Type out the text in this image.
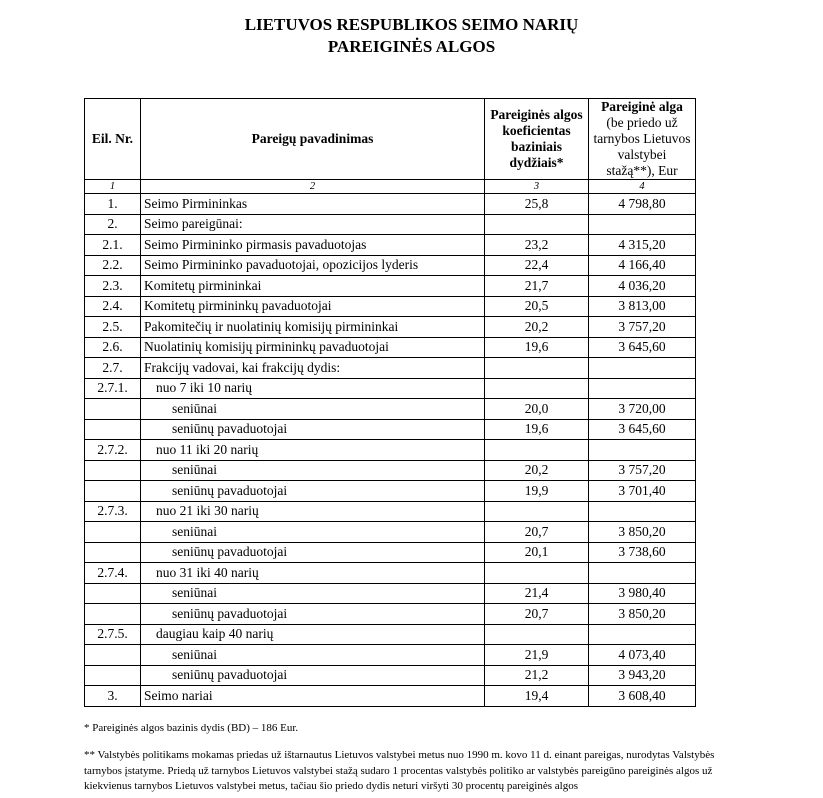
LIETUVOS RESPUBLIKOS SEIMO NARIŲ
PAREIGINĖS ALGOS
Eil. Nr.	Pareigų pavadinimas	Pareiginės algos koeficientas baziniais dydžiais*	Pareiginė alga
(be priedo už tarnybos Lietuvos valstybei stažą**), Eur

1	2	3	4
1.	Seimo Pirmininkas	25,8	4 798,80
2.	Seimo pareigūnai:		
2.1.	Seimo Pirmininko pirmasis pavaduotojas	23,2	4 315,20
2.2.	Seimo Pirmininko pavaduotojai, opozicijos lyderis	22,4	4 166,40
2.3.	Komitetų pirmininkai	21,7	4 036,20
2.4.	Komitetų pirmininkų pavaduotojai	20,5	3 813,00
2.5.	Pakomitečių ir nuolatinių komisijų pirmininkai	20,2	3 757,20
2.6.	Nuolatinių komisijų pirmininkų pavaduotojai	19,6	3 645,60
2.7.	Frakcijų vadovai, kai frakcijų dydis:		
2.7.1.	nuo 7 iki 10 narių		
	seniūnai	20,0	3 720,00
	seniūnų pavaduotojai	19,6	3 645,60
2.7.2.	nuo 11 iki 20 narių		
	seniūnai	20,2	3 757,20
	seniūnų pavaduotojai	19,9	3 701,40
2.7.3.	nuo 21 iki 30 narių		
	seniūnai	20,7	3 850,20
	seniūnų pavaduotojai	20,1	3 738,60
2.7.4.	nuo 31 iki 40 narių		
	seniūnai	21,4	3 980,40
	seniūnų pavaduotojai	20,7	3 850,20
2.7.5.	daugiau kaip 40 narių		
	seniūnai	21,9	4 073,40
	seniūnų pavaduotojai	21,2	3 943,20
3.	Seimo nariai	19,4	3 608,40
* Pareiginės algos bazinis dydis (BD) – 186 Eur.
** Valstybės politikams mokamas priedas už ištarnautus Lietuvos valstybei metus nuo 1990 m. kovo 11 d. einant pareigas, nurodytas Valstybės tarnybos įstatyme. Priedą už tarnybos Lietuvos valstybei stažą sudaro 1 procentas valstybės politiko ar valstybės pareigūno pareiginės algos už kiekvienus tarnybos Lietuvos valstybei metus, tačiau šio priedo dydis neturi viršyti 30 procentų pareiginės algos
